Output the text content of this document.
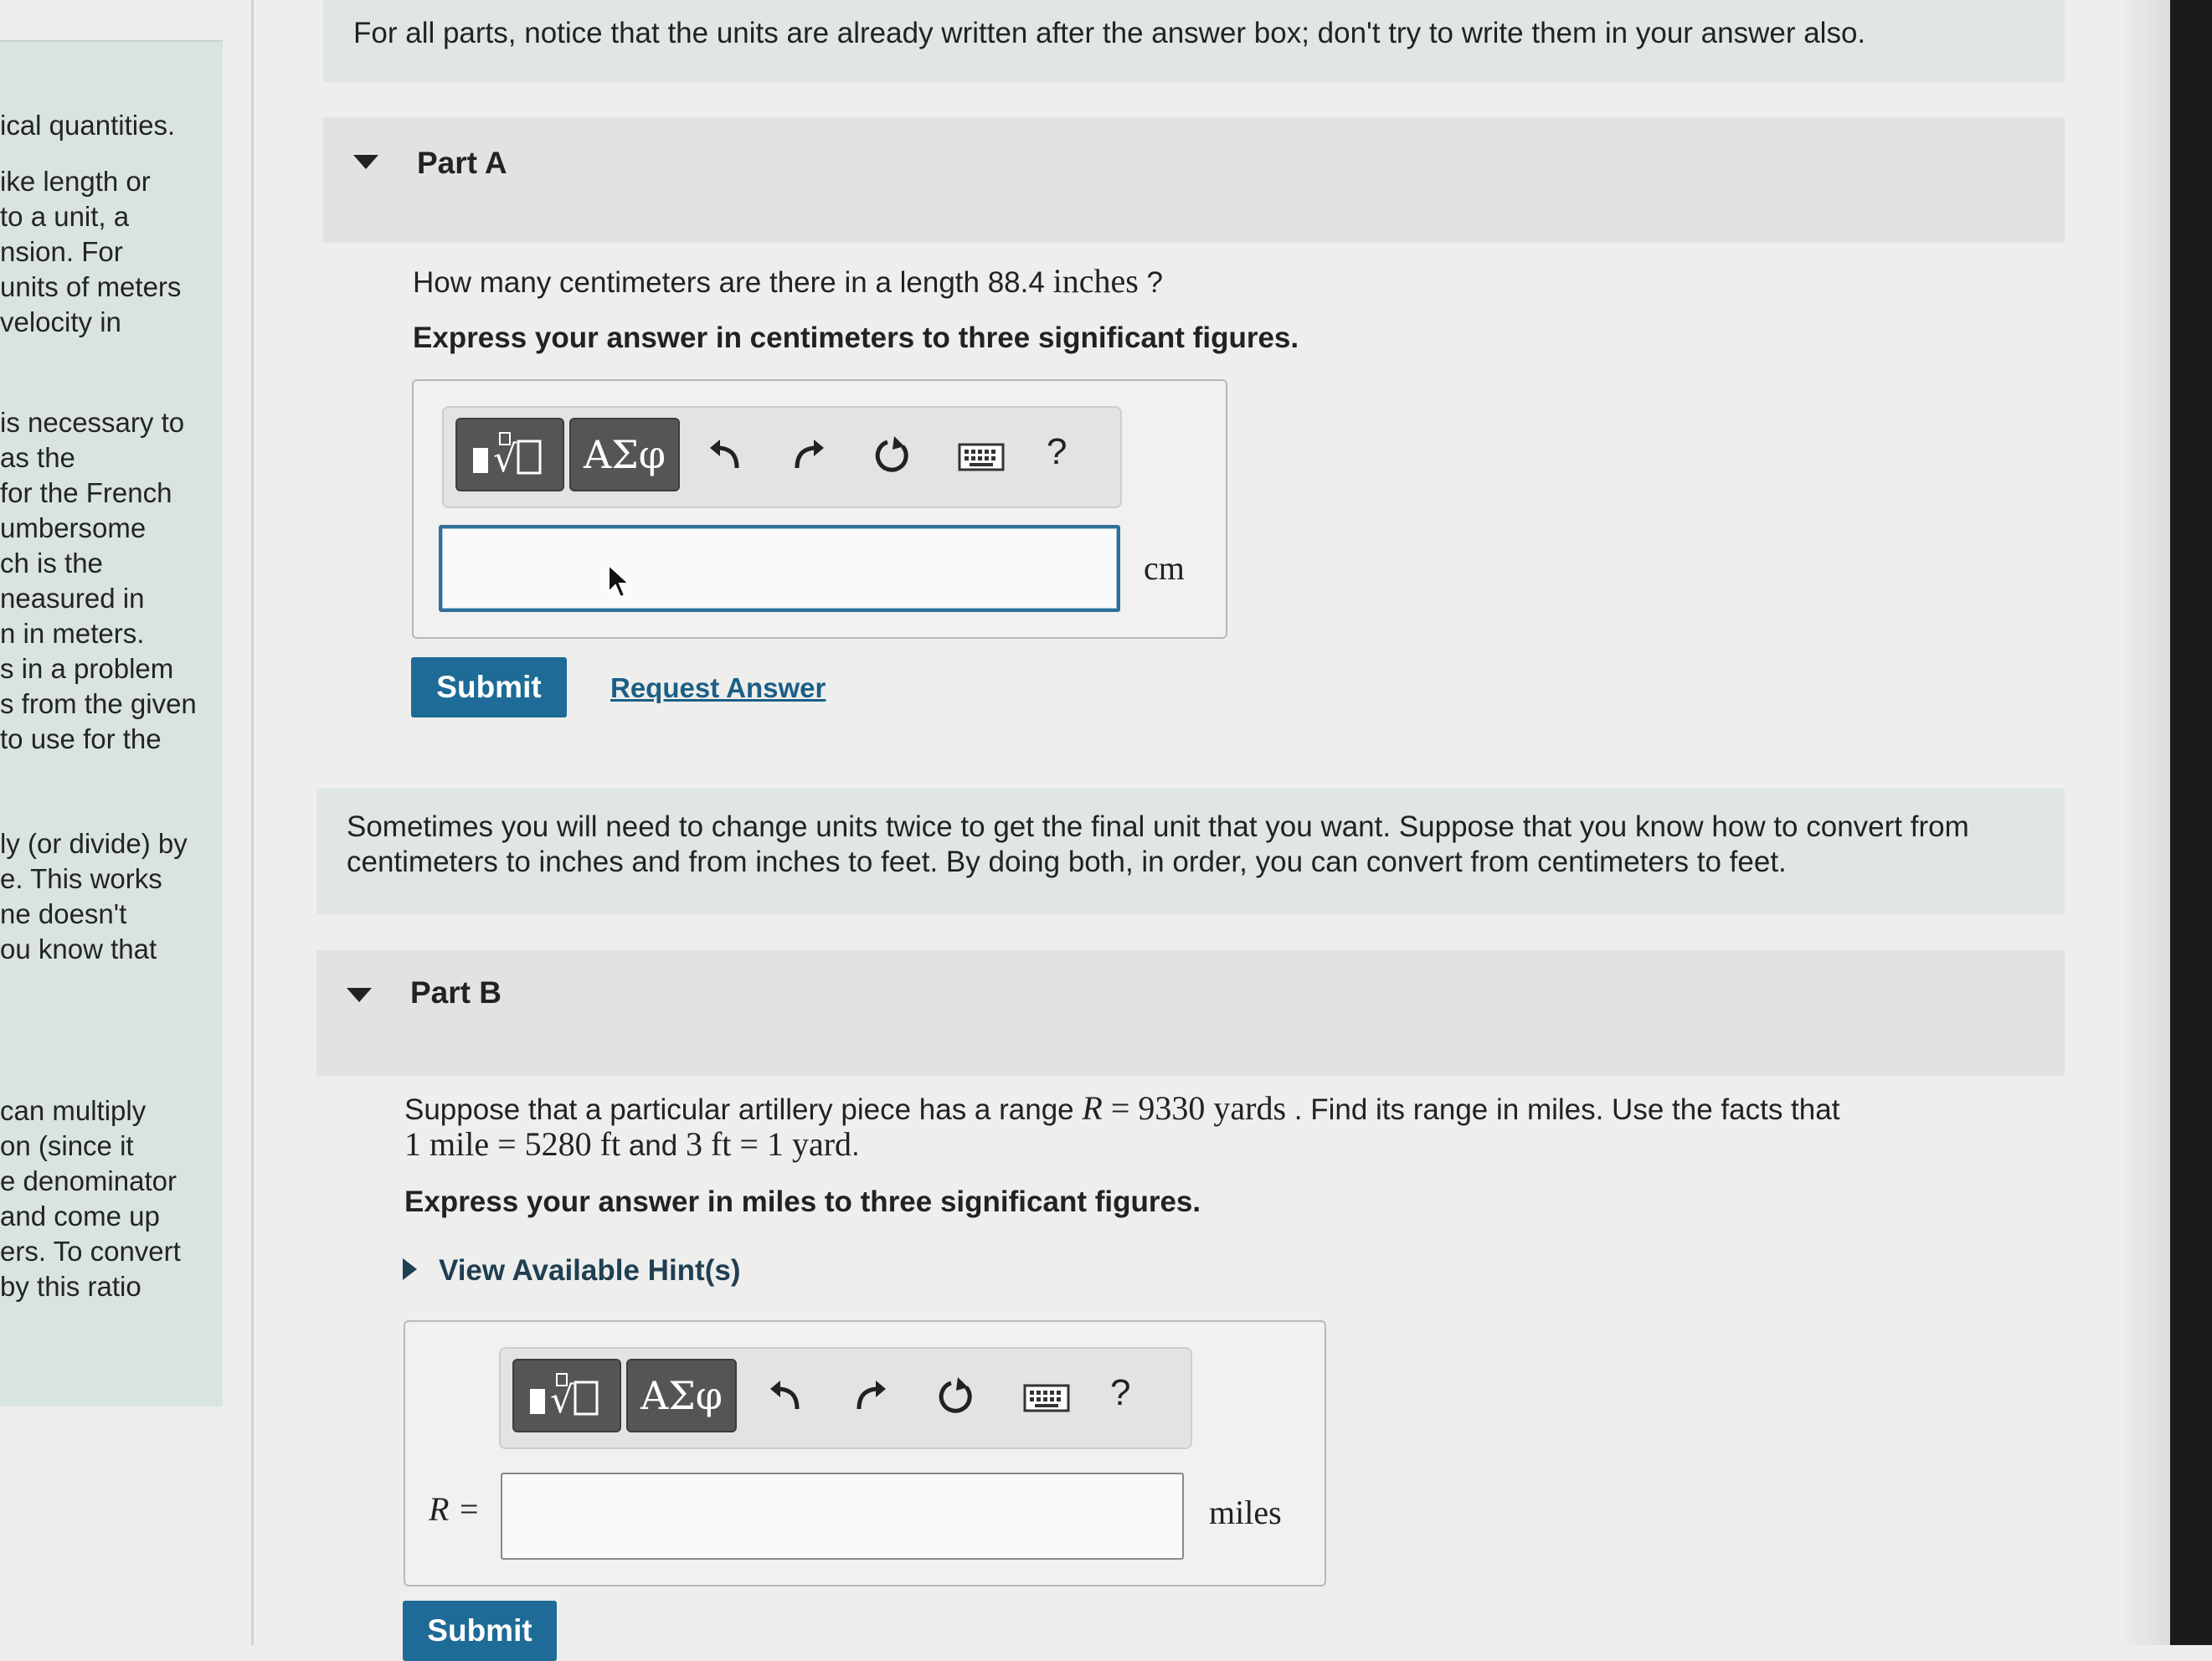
ical quantities.
ike length or
to a unit, a
nsion. For
units of meters
velocity in
is necessary to
as the
for the French
umbersome
ch is the
neasured in
n in meters.
s in a problem
s from the given
to use for the
ly (or divide) by
e. This works
ne doesn't
ou know that
can multiply
on (since it
e denominator
and come up
ers. To convert
by this ratio
For all parts, notice that the units are already written after the answer box; don't try to write them in your answer also.
Part A
How many centimeters are there in a length 88.4 inches ?
Express your answer in centimeters to three significant figures.
√	ΑΣφ	?
cm
Submit	Request Answer
Sometimes you will need to change units twice to get the final unit that you want. Suppose that you know how to convert from
centimeters to inches and from inches to feet. By doing both, in order, you can convert from centimeters to feet.
Part B
Suppose that a particular artillery piece has a range R = 9330 yards . Find its range in miles. Use the facts that
1 mile = 5280 ft and 3 ft = 1 yard.
Express your answer in miles to three significant figures.
View Available Hint(s)
√	ΑΣφ	?
R =	miles
Submit
